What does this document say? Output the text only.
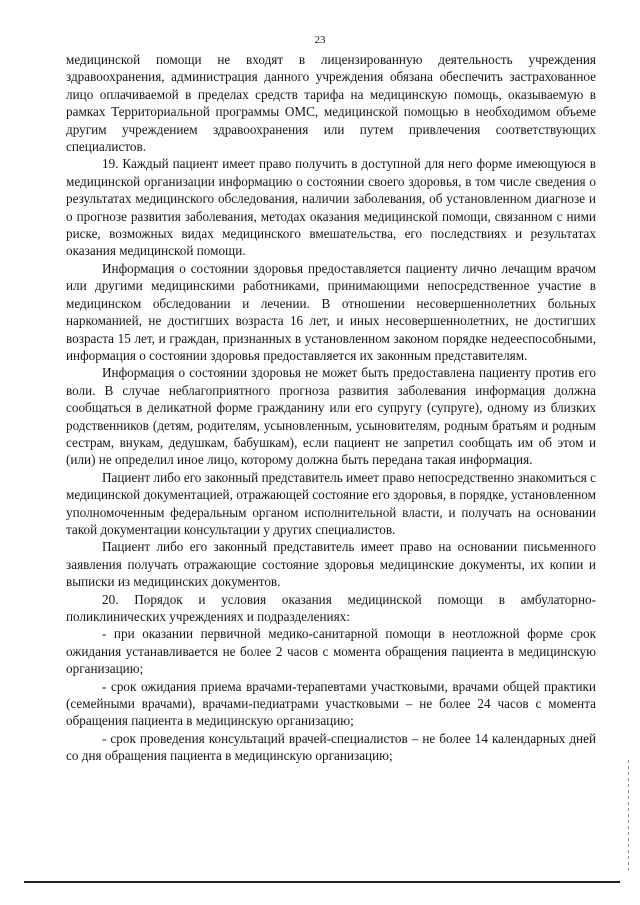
23

медицинской помощи не входят в лицензированную деятельность учреждения здравоохранения, администрация данного учреждения обязана обеспечить застрахованное лицо оплачиваемой в пределах средств тарифа на медицинскую помощь, оказываемую в рамках Территориальной программы ОМС, медицинской помощью в необходимом объеме другим учреждением здравоохранения или путем привлечения соответствующих специалистов.

19. Каждый пациент имеет право получить в доступной для него форме имеющуюся в медицинской организации информацию о состоянии своего здоровья, в том числе сведения о результатах медицинского обследования, наличии заболевания, об установленном диагнозе и о прогнозе развития заболевания, методах оказания медицинской помощи, связанном с ними риске, возможных видах медицинского вмешательства, его последствиях и результатах оказания медицинской помощи.

Информация о состоянии здоровья предоставляется пациенту лично лечащим врачом или другими медицинскими работниками, принимающими непосредственное участие в медицинском обследовании и лечении. В отношении несовершеннолетних больных наркоманией, не достигших возраста 16 лет, и иных несовершеннолетних, не достигших возраста 15 лет, и граждан, признанных в установленном законом порядке недееспособными, информация о состоянии здоровья предоставляется их законным представителям.

Информация о состоянии здоровья не может быть предоставлена пациенту против его воли. В случае неблагоприятного прогноза развития заболевания информация должна сообщаться в деликатной форме гражданину или его супругу (супруге), одному из близких родственников (детям, родителям, усыновленным, усыновителям, родным братьям и родным сестрам, внукам, дедушкам, бабушкам), если пациент не запретил сообщать им об этом и (или) не определил иное лицо, которому должна быть передана такая информация.

Пациент либо его законный представитель имеет право непосредственно знакомиться с медицинской документацией, отражающей состояние его здоровья, в порядке, установленном уполномоченным федеральным органом исполнительной власти, и получать на основании такой документации консультации у других специалистов.

Пациент либо его законный представитель имеет право на основании письменного заявления получать отражающие состояние здоровья медицинские документы, их копии и выписки из медицинских документов.

20. Порядок и условия оказания медицинской помощи в амбулаторно-поликлинических учреждениях и подразделениях:

- при оказании первичной медико-санитарной помощи в неотложной форме срок ожидания устанавливается не более 2 часов с момента обращения пациента в медицинскую организацию;

- срок ожидания приема врачами-терапевтами участковыми, врачами общей практики (семейными врачами), врачами-педиатрами участковыми – не более 24 часов с момента обращения пациента в медицинскую организацию;

- срок проведения консультаций врачей-специалистов – не более 14 календарных дней со дня обращения пациента в медицинскую организацию;
